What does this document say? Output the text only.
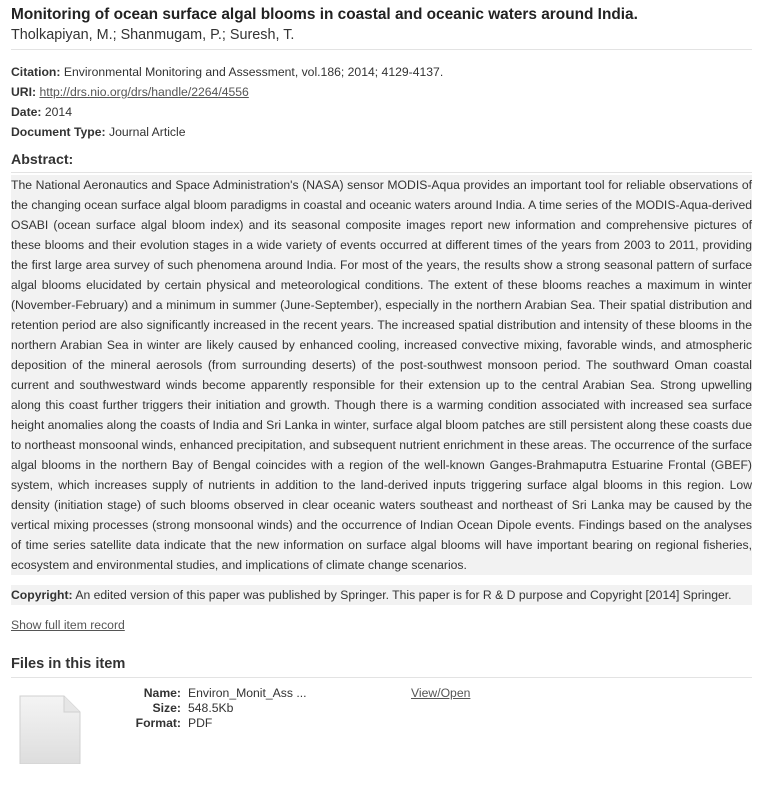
Monitoring of ocean surface algal blooms in coastal and oceanic waters around India.
Tholkapiyan, M.; Shanmugam, P.; Suresh, T.
Citation: Environmental Monitoring and Assessment, vol.186; 2014; 4129-4137.
URI: http://drs.nio.org/drs/handle/2264/4556
Date: 2014
Document Type: Journal Article
Abstract:

The National Aeronautics and Space Administration's (NASA) sensor MODIS-Aqua provides an important tool for reliable observations of the changing ocean surface algal bloom paradigms in coastal and oceanic waters around India. A time series of the MODIS-Aqua-derived OSABI (ocean surface algal bloom index) and its seasonal composite images report new information and comprehensive pictures of these blooms and their evolution stages in a wide variety of events occurred at different times of the years from 2003 to 2011, providing the first large area survey of such phenomena around India. For most of the years, the results show a strong seasonal pattern of surface algal blooms elucidated by certain physical and meteorological conditions. The extent of these blooms reaches a maximum in winter (November-February) and a minimum in summer (June-September), especially in the northern Arabian Sea. Their spatial distribution and retention period are also significantly increased in the recent years. The increased spatial distribution and intensity of these blooms in the northern Arabian Sea in winter are likely caused by enhanced cooling, increased convective mixing, favorable winds, and atmospheric deposition of the mineral aerosols (from surrounding deserts) of the post-southwest monsoon period. The southward Oman coastal current and southwestward winds become apparently responsible for their extension up to the central Arabian Sea. Strong upwelling along this coast further triggers their initiation and growth. Though there is a warming condition associated with increased sea surface height anomalies along the coasts of India and Sri Lanka in winter, surface algal bloom patches are still persistent along these coasts due to northeast monsoonal winds, enhanced precipitation, and subsequent nutrient enrichment in these areas. The occurrence of the surface algal blooms in the northern Bay of Bengal coincides with a region of the well-known Ganges-Brahmaputra Estuarine Frontal (GBEF) system, which increases supply of nutrients in addition to the land-derived inputs triggering surface algal blooms in this region. Low density (initiation stage) of such blooms observed in clear oceanic waters southeast and northeast of Sri Lanka may be caused by the vertical mixing processes (strong monsoonal winds) and the occurrence of Indian Ocean Dipole events. Findings based on the analyses of time series satellite data indicate that the new information on surface algal blooms will have important bearing on regional fisheries, ecosystem and environmental studies, and implications of climate change scenarios.

Copyright: An edited version of this paper was published by Springer. This paper is for R & D purpose and Copyright [2014] Springer.
Show full item record
Files in this item
Name: Environ_Monit_Ass ...
Size: 548.5Kb
Format: PDF
View/Open
